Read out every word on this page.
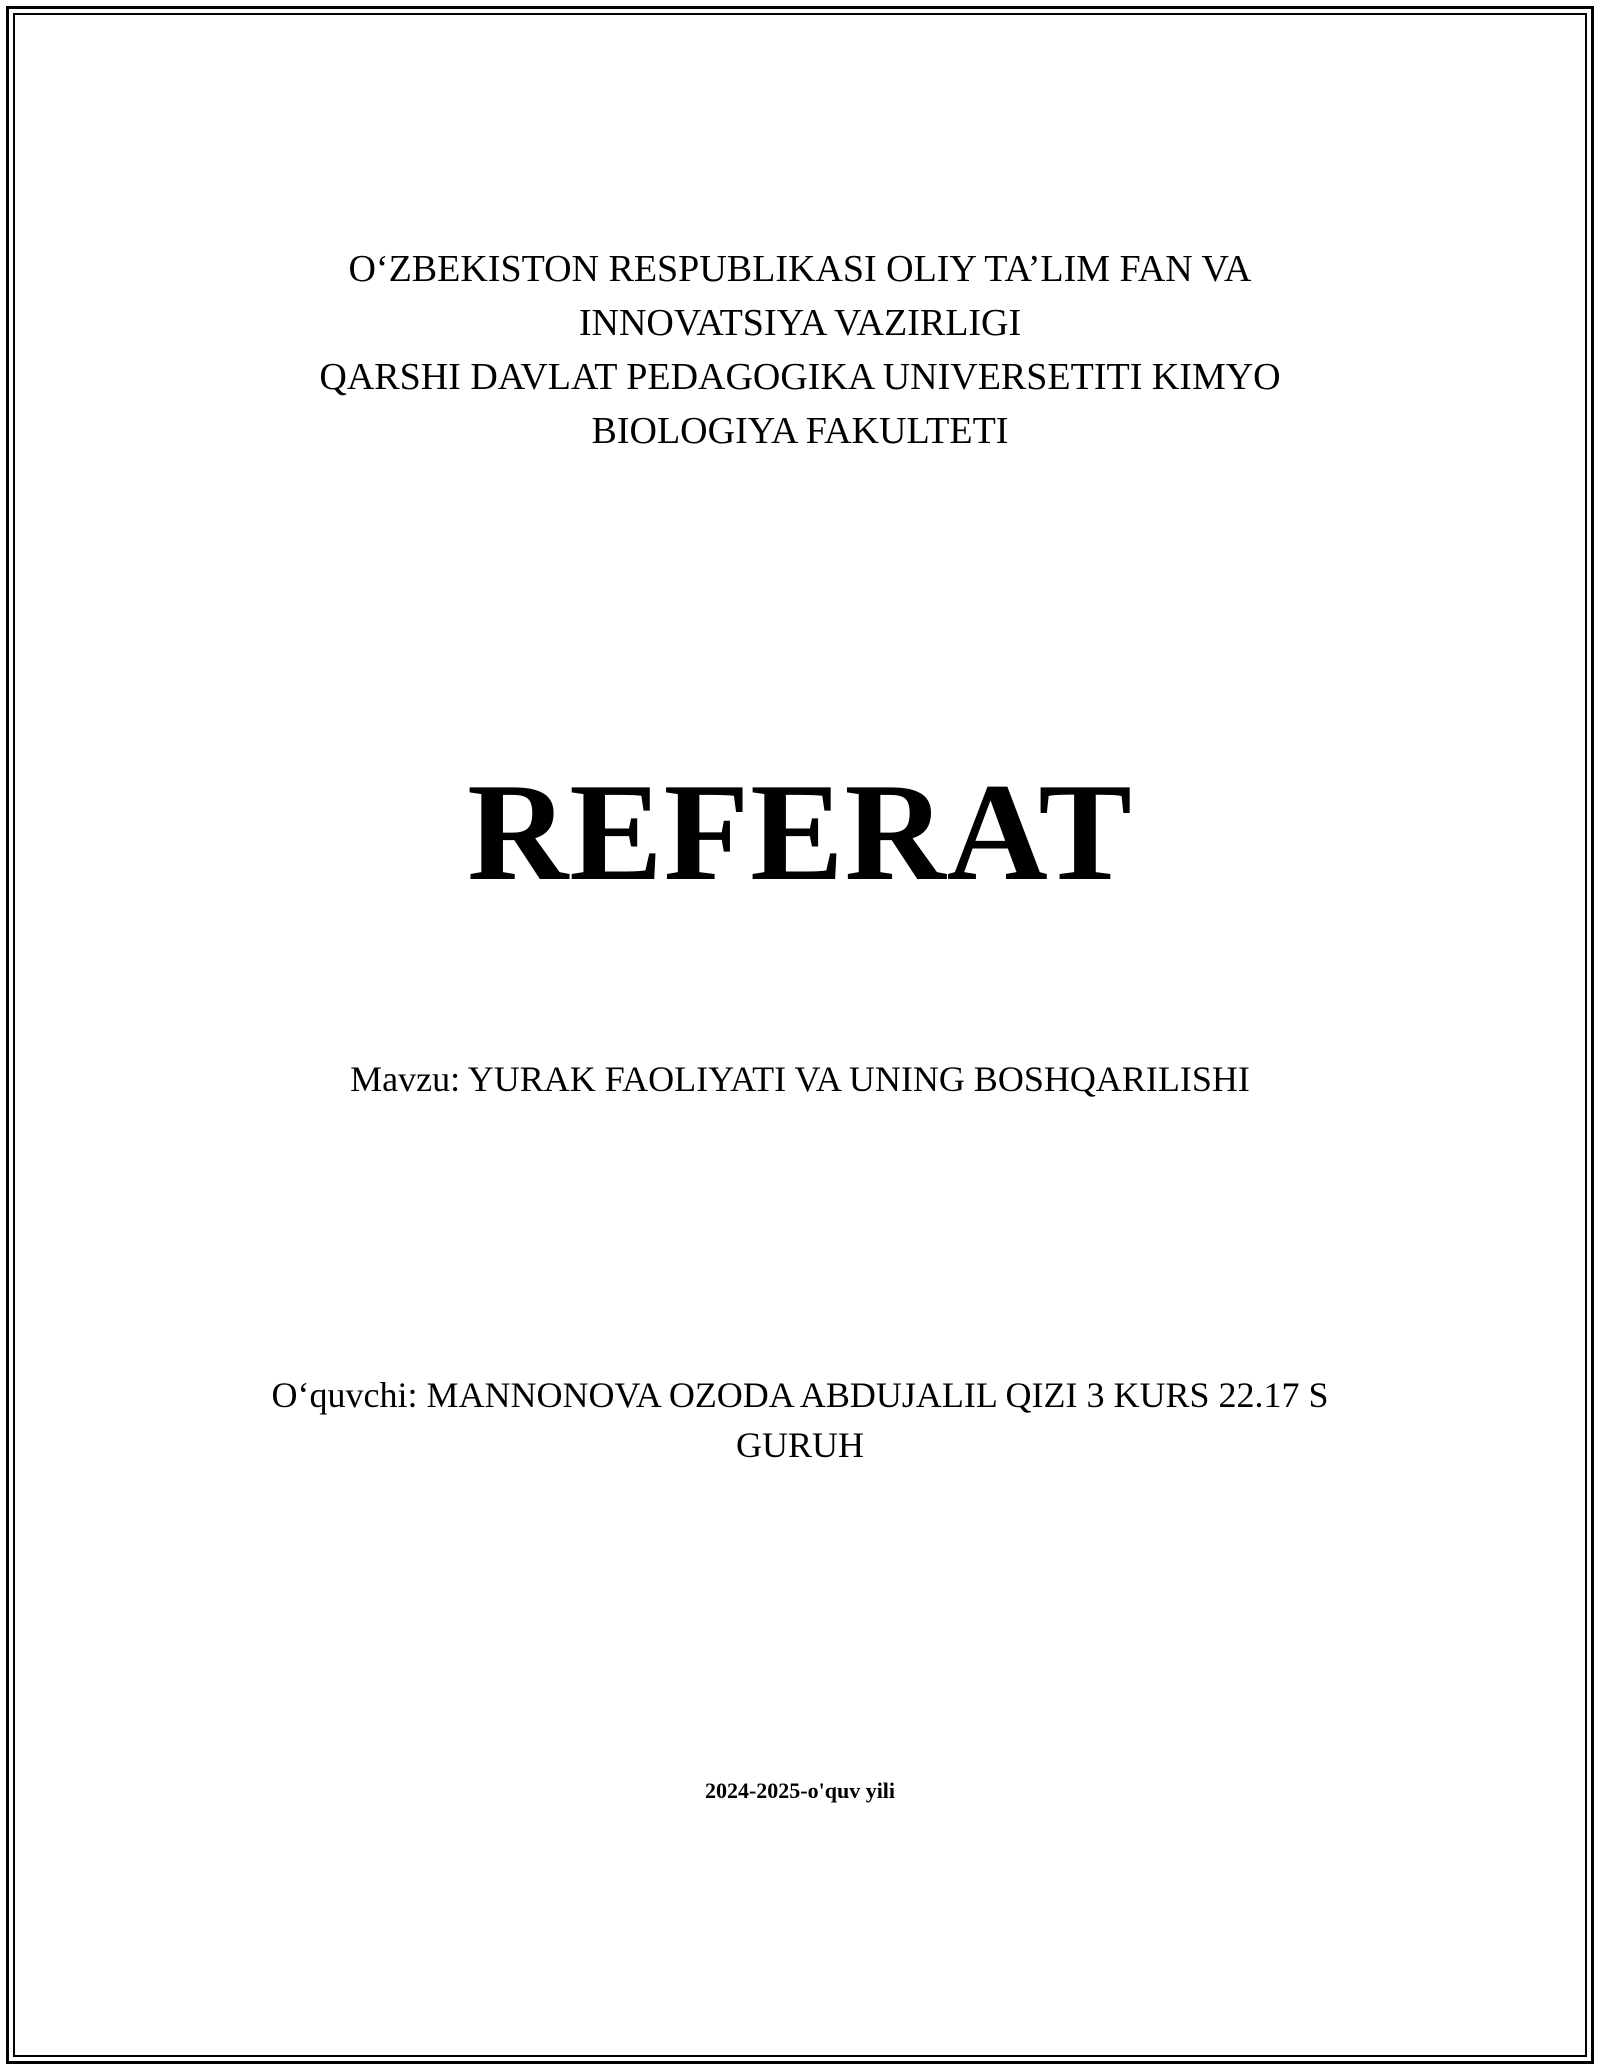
O‘ZBEKISTON RESPUBLIKASI OLIY TA’LIM FAN VA
INNOVATSIYA VAZIRLIGI
QARSHI DAVLAT PEDAGOGIKA UNIVERSETITI KIMYO
BIOLOGIYA FAKULTETI
REFERAT
Mavzu: YURAK FAOLIYATI VA UNING BOSHQARILISHI
O‘quvchi: MANNONOVA OZODA ABDUJALIL QIZI 3 KURS 22.17 S
GURUH
2024-2025-o'quv yili
